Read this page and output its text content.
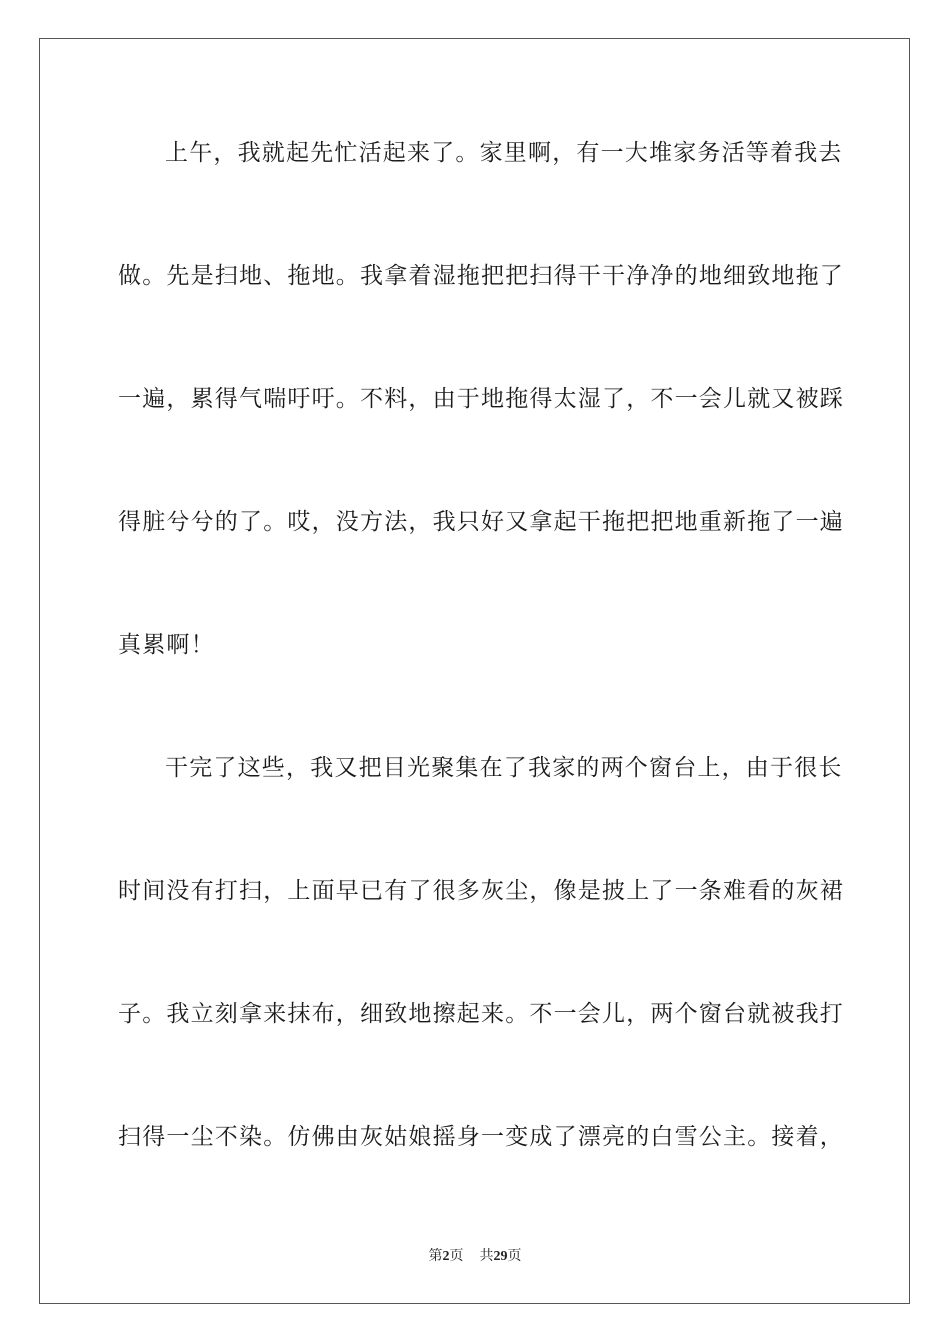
上午，我就起先忙活起来了。家里啊，有一大堆家务活等着我去
做。先是扫地、拖地。我拿着湿拖把把扫得干干净净的地细致地拖了
一遍，累得气喘吁吁。不料，由于地拖得太湿了，不一会儿就又被踩
得脏兮兮的了。哎，没方法，我只好又拿起干拖把把地重新拖了一遍
真累啊！
干完了这些，我又把目光聚集在了我家的两个窗台上，由于很长
时间没有打扫，上面早已有了很多灰尘，像是披上了一条难看的灰裙
子。我立刻拿来抹布，细致地擦起来。不一会儿，两个窗台就被我打
扫得一尘不染。仿佛由灰姑娘摇身一变成了漂亮的白雪公主。接着，
第2页 共29页
